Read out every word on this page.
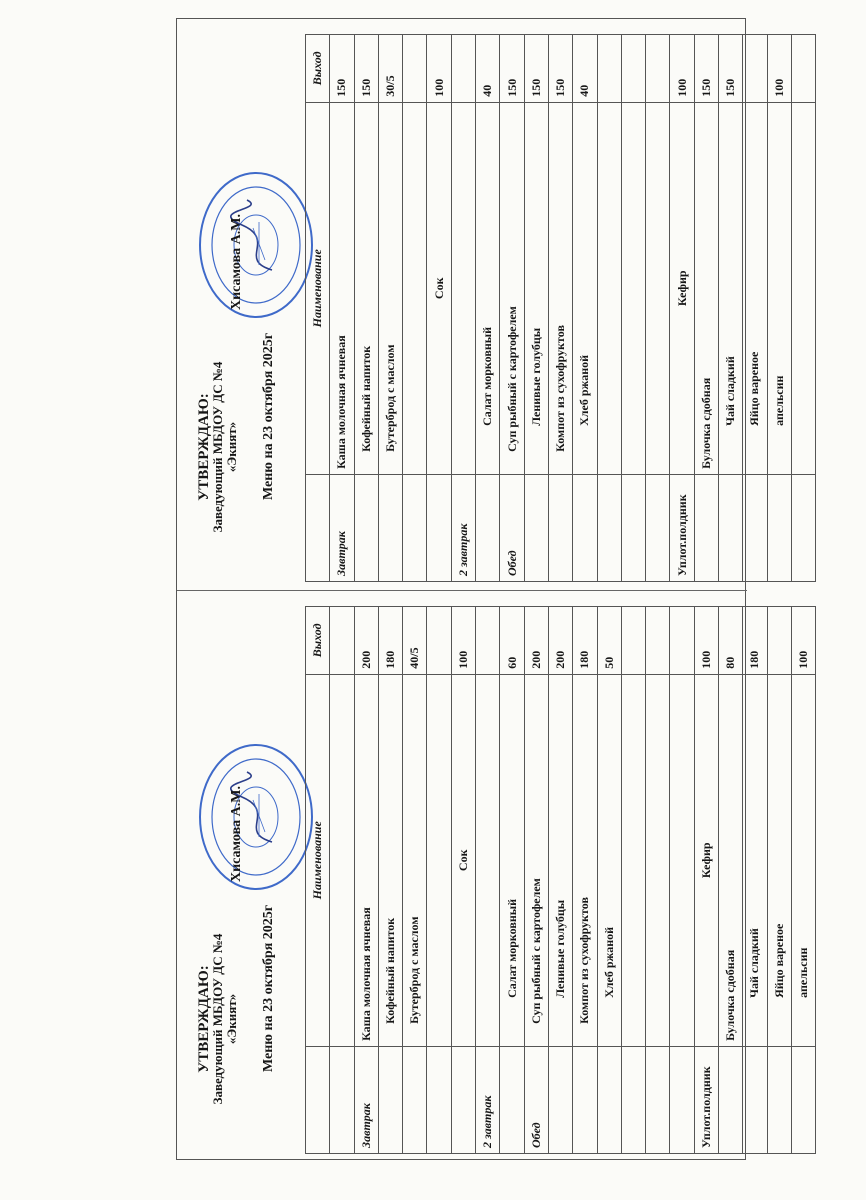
УТВЕРЖДАЮ:
Заведующий МБДОУ ДС №4 «Экият»
Хисамова А.М.
Меню на 23 октября 2025г
	Наименование	Выход
Завтрак	Каша молочная ячневая	150
	Кофейный напиток	150
	Бутерброд с маслом	30/5

	Сок	100
2 завтрак		
	Салат морковный	40
Обед	Суп рыбный с картофелем	150
	Ленивые голубцы	150
	Компот из сухофруктов	150
	Хлеб ржаной	40

Уплот.полдник	Кефир	100
	Булочка сдобная	150
	Чай сладкий	150
	Яйцо вареное	
	апельсин	100

УТВЕРЖДАЮ:
Заведующий МБДОУ ДС №4 «Экият»
Хисамова А.М.
Меню на 23 октября 2025г
	Наименование	Выход

Завтрак	Каша молочная ячневая	200
	Кофейный напиток	180
	Бутерброд с маслом	40/5

	Сок	100
2 завтрак		
	Салат морковный	60
Обед	Суп рыбный с картофелем	200
	Ленивые голубцы	200
	Компот из сухофруктов	180
	Хлеб ржаной	50

Уплот.полдник	Кефир	100
	Булочка сдобная	80
	Чай сладкий	180
	Яйцо вареное	
	апельсин	100
